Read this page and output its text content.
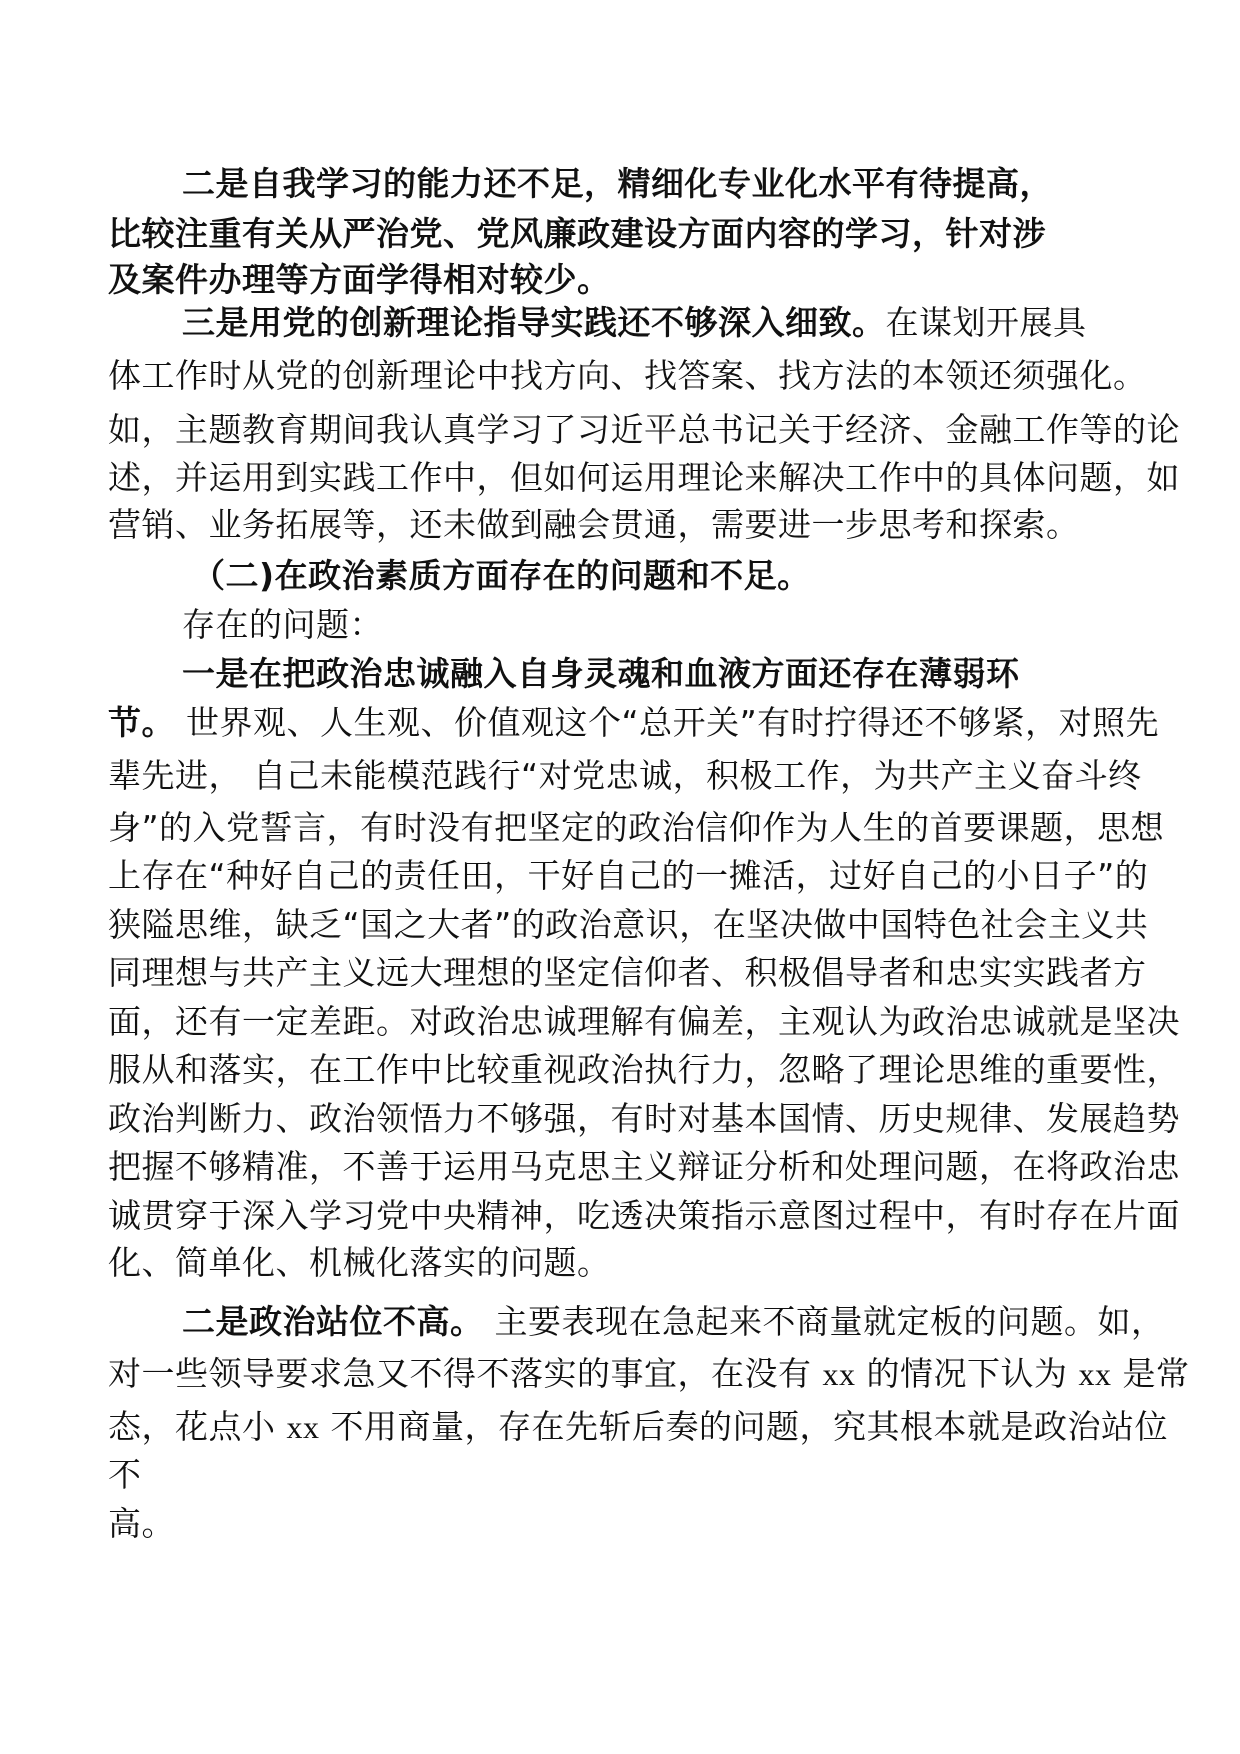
二是自我学习的能力还不足，精细化专业化水平有待提高，
比较注重有关从严治党、党风廉政建设方面内容的学习，针对涉
及案件办理等方面学得相对较少。
三是用党的创新理论指导实践还不够深入细致。在谋划开展具
体工作时从党的创新理论中找方向、找答案、找方法的本领还须强化。
如，主题教育期间我认真学习了习近平总书记关于经济、金融工作等的论
述，并运用到实践工作中，但如何运用理论来解决工作中的具体问题，如
营销、业务拓展等，还未做到融会贯通，需要进一步思考和探索。
（二)在政治素质方面存在的问题和不足。
存在的问题：
一是在把政治忠诚融入自身灵魂和血液方面还存在薄弱环
节。 世界观、人生观、价值观这个“总开关”有时拧得还不够紧，对照先
辈先进， 自己未能模范践行“对党忠诚，积极工作，为共产主义奋斗终
身”的入党誓言，有时没有把坚定的政治信仰作为人生的首要课题，思想
上存在“种好自己的责任田，干好自己的一摊活，过好自己的小日子”的
狭隘思维，缺乏“国之大者”的政治意识，在坚决做中国特色社会主义共
同理想与共产主义远大理想的坚定信仰者、积极倡导者和忠实实践者方
面，还有一定差距。对政治忠诚理解有偏差，主观认为政治忠诚就是坚决
服从和落实，在工作中比较重视政治执行力，忽略了理论思维的重要性，
政治判断力、政治领悟力不够强，有时对基本国情、历史规律、发展趋势
把握不够精准，不善于运用马克思主义辩证分析和处理问题，在将政治忠
诚贯穿于深入学习党中央精神，吃透决策指示意图过程中，有时存在片面
化、简单化、机械化落实的问题。
二是政治站位不高。 主要表现在急起来不商量就定板的问题。如，
对一些领导要求急又不得不落实的事宜，在没有 xx 的情况下认为 xx 是常
态，花点小 xx 不用商量，存在先斩后奏的问题，究其根本就是政治站位
不
高。
